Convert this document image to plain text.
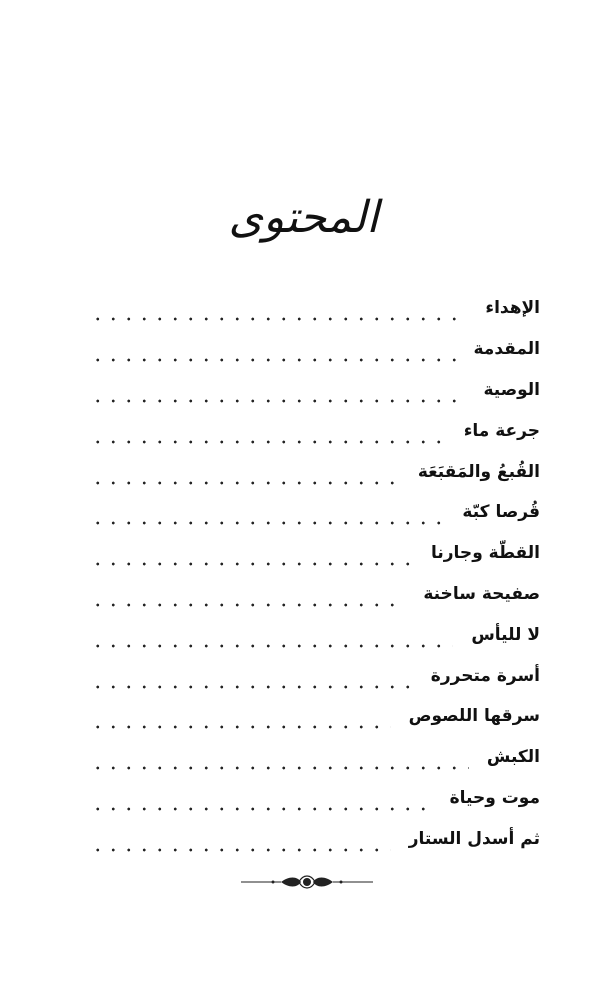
المحتوى
الإهداء
المقدمة
الوصية
جرعة ماء
القُبعُ والمَقبَعَة
قُرصا كبّة
القطّة وجارنا
صفيحة ساخنة
لا لليأس
أسرة متحررة
سرقها اللصوص
الكبش
موت وحياة
ثم أسدل الستار
